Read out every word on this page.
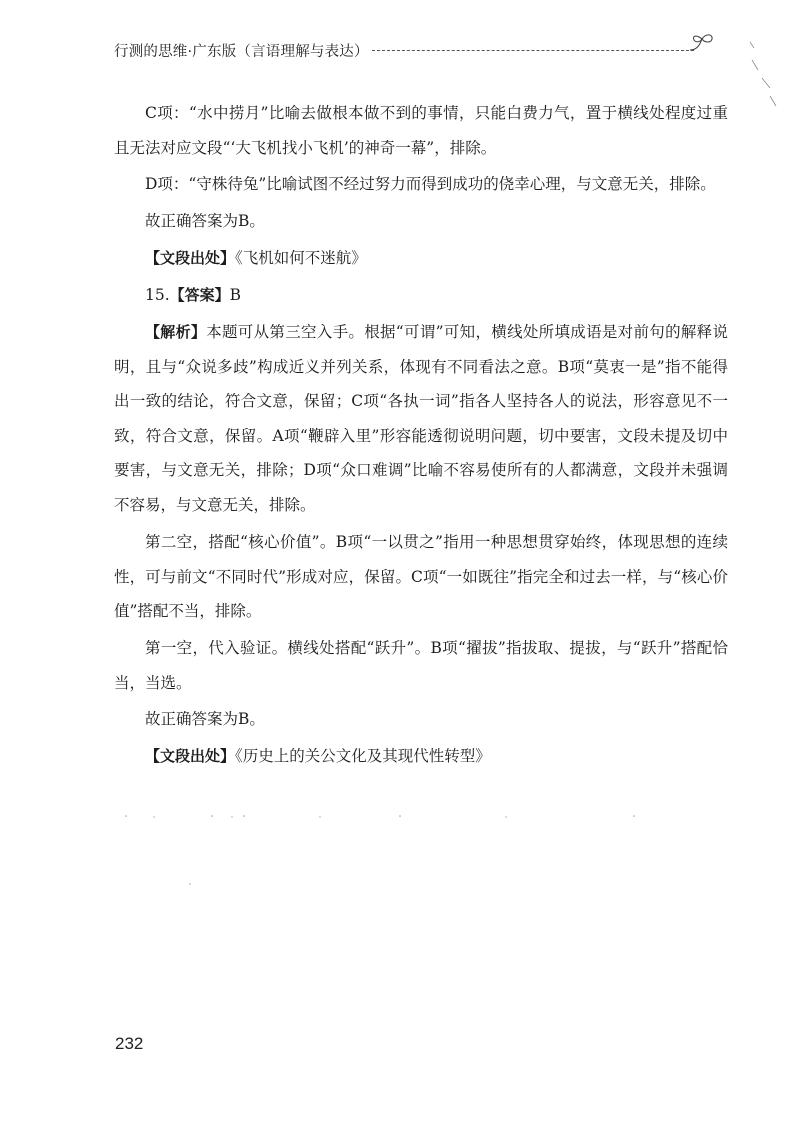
行测的思维·广东版（言语理解与表达）

C项：“水中捞月”比喻去做根本做不到的事情，只能白费力气，置于横线处程度过重且无法对应文段“‘大飞机找小飞机’的神奇一幕”，排除。

D项：“守株待兔”比喻试图不经过努力而得到成功的侥幸心理，与文意无关，排除。

故正确答案为B。

【文段出处】《飞机如何不迷航》

15.【答案】B

【解析】本题可从第三空入手。根据“可谓”可知，横线处所填成语是对前句的解释说明，且与“众说多歧”构成近义并列关系，体现有不同看法之意。B项“莫衷一是”指不能得出一致的结论，符合文意，保留；C项“各执一词”指各人坚持各人的说法，形容意见不一致，符合文意，保留。A项“鞭辟入里”形容能透彻说明问题，切中要害，文段未提及切中要害，与文意无关，排除；D项“众口难调”比喻不容易使所有的人都满意，文段并未强调不容易，与文意无关，排除。

第二空，搭配“核心价值”。B项“一以贯之”指用一种思想贯穿始终，体现思想的连续性，可与前文“不同时代”形成对应，保留。C项“一如既往”指完全和过去一样，与“核心价值”搭配不当，排除。

第一空，代入验证。横线处搭配“跃升”。B项“擢拔”指拔取、提拔，与“跃升”搭配恰当，当选。

故正确答案为B。

【文段出处】《历史上的关公文化及其现代性转型》

232
